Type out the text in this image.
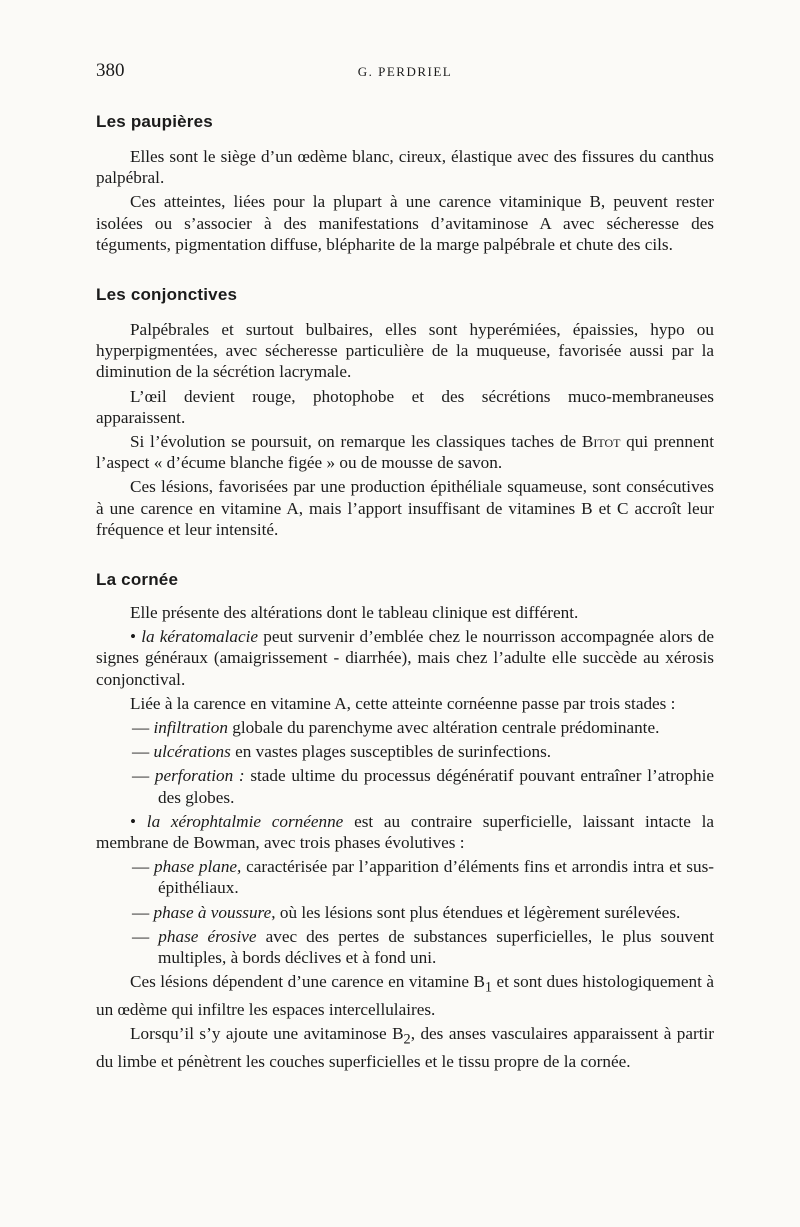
380	G. PERDRIEL
Les paupières

Elles sont le siège d’un œdème blanc, cireux, élastique avec des fissures du canthus palpébral.

Ces atteintes, liées pour la plupart à une carence vitaminique B, peuvent rester isolées ou s’associer à des manifestations d’avitaminose A avec sécheresse des téguments, pigmentation diffuse, blépharite de la marge palpébrale et chute des cils.

Les conjonctives

Palpébrales et surtout bulbaires, elles sont hyperémiées, épaissies, hypo ou hyperpigmentées, avec sécheresse particulière de la muqueuse, favorisée aussi par la diminution de la sécrétion lacrymale.

L’œil devient rouge, photophobe et des sécrétions muco-membraneuses apparaissent.

Si l’évolution se poursuit, on remarque les classiques taches de Bitot qui prennent l’aspect « d’écume blanche figée » ou de mousse de savon.

Ces lésions, favorisées par une production épithéliale squameuse, sont consécutives à une carence en vitamine A, mais l’apport insuffisant de vitamines B et C accroît leur fréquence et leur intensité.

La cornée

Elle présente des altérations dont le tableau clinique est différent.

• la kératomalacie peut survenir d’emblée chez le nourrisson accompagnée alors de signes généraux (amaigrissement - diarrhée), mais chez l’adulte elle succède au xérosis conjonctival.

Liée à la carence en vitamine A, cette atteinte cornéenne passe par trois stades :

— infiltration globale du parenchyme avec altération centrale prédominante.

— ulcérations en vastes plages susceptibles de surinfections.

— perforation : stade ultime du processus dégénératif pouvant entraîner l’atrophie des globes.

• la xérophtalmie cornéenne est au contraire superficielle, laissant intacte la membrane de Bowman, avec trois phases évolutives :

— phase plane, caractérisée par l’apparition d’éléments fins et arrondis intra et sus-épithéliaux.

— phase à voussure, où les lésions sont plus étendues et légèrement surélevées.

— phase érosive avec des pertes de substances superficielles, le plus souvent multiples, à bords déclives et à fond uni.

Ces lésions dépendent d’une carence en vitamine $B_1$ et sont dues histologiquement à un œdème qui infiltre les espaces intercellulaires.

Lorsqu’il s’y ajoute une avitaminose $B_2$, des anses vasculaires apparaissent à partir du limbe et pénètrent les couches superficielles et le tissu propre de la cornée.
